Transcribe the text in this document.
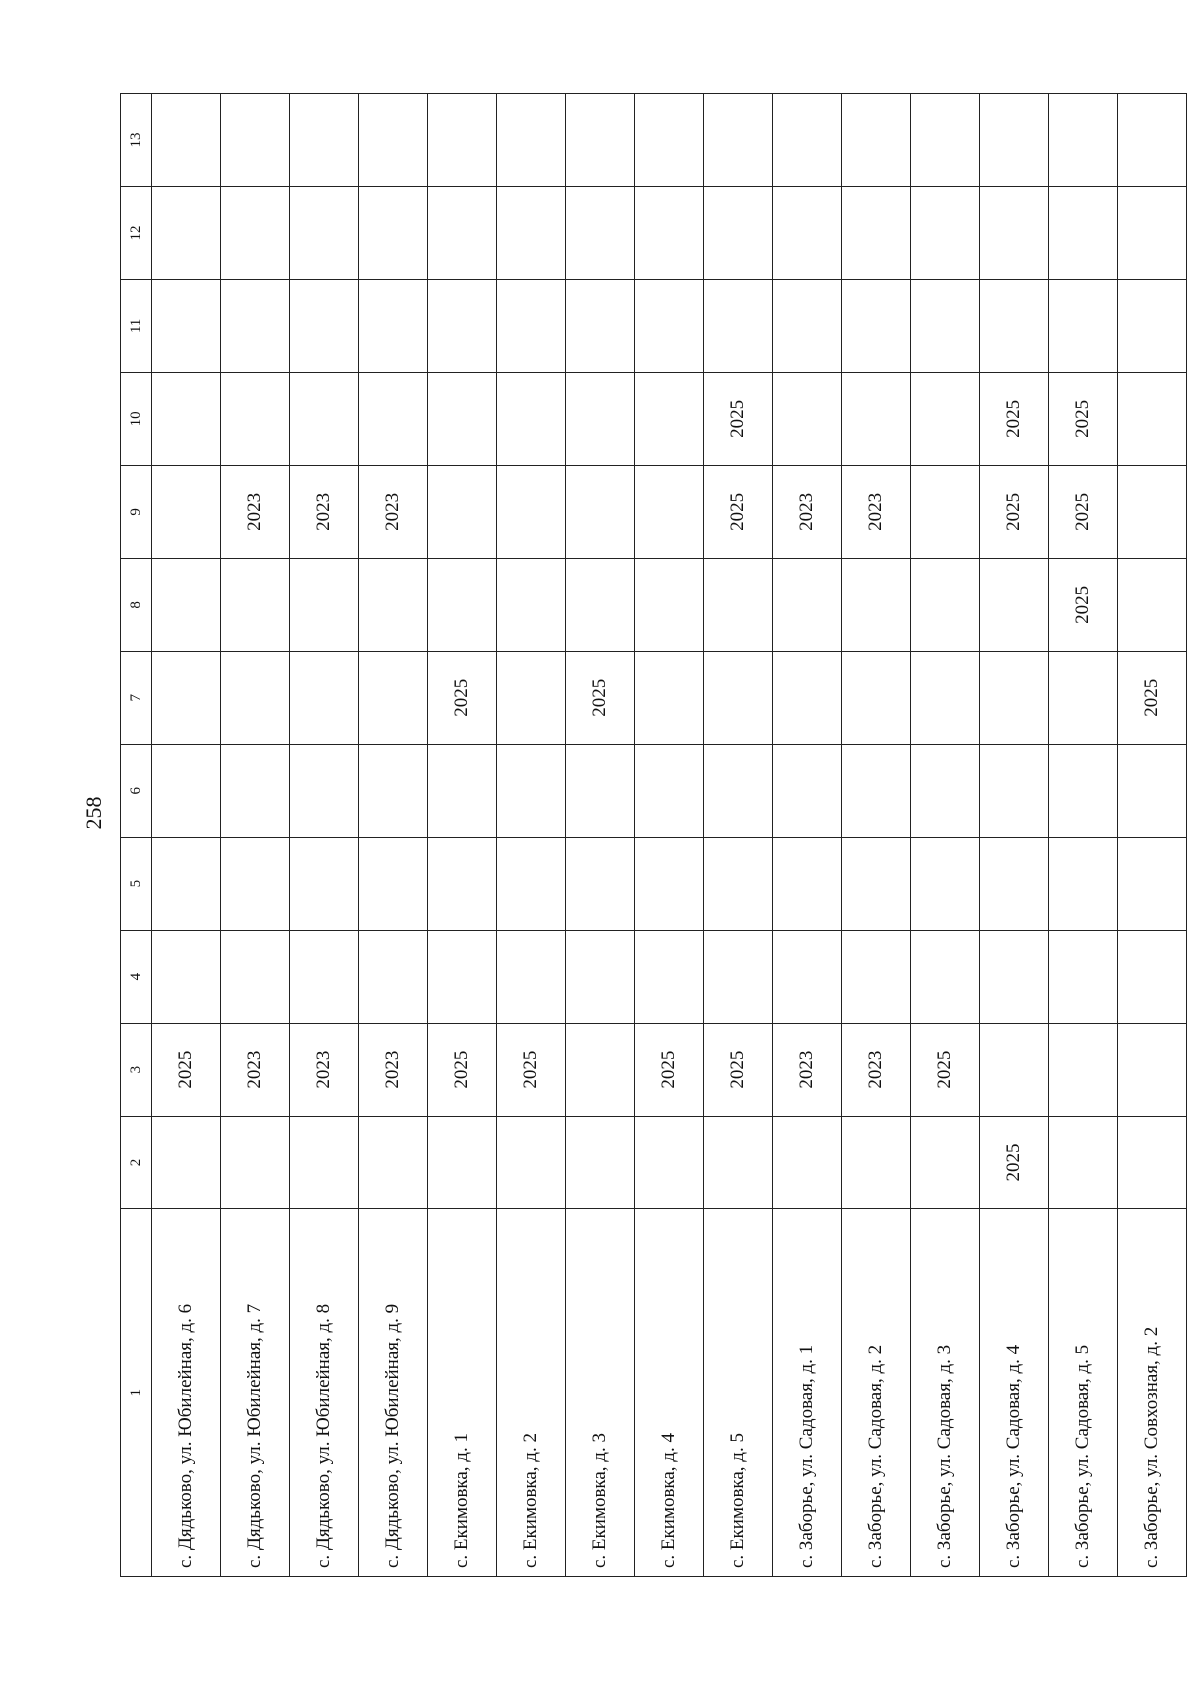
258
1	2	3	4	5	6	7	8	9	10	11	12	13
с. Дядьково, ул. Юбилейная, д. 6		2025										
с. Дядьково, ул. Юбилейная, д. 7		2023						2023				
с. Дядьково, ул. Юбилейная, д. 8		2023						2023				
с. Дядьково, ул. Юбилейная, д. 9		2023						2023				
с. Екимовка, д. 1		2025				2025						
с. Екимовка, д. 2		2025										
с. Екимовка, д. 3						2025						
с. Екимовка, д. 4		2025										
с. Екимовка, д. 5		2025						2025	2025			
с. Заборье, ул. Садовая, д. 1		2023						2023				
с. Заборье, ул. Садовая, д. 2		2023						2023				
с. Заборье, ул. Садовая, д. 3		2025										
с. Заборье, ул. Садовая, д. 4	2025							2025	2025			
с. Заборье, ул. Садовая, д. 5							2025	2025	2025			
с. Заборье, ул. Совхозная, д. 2						2025						
